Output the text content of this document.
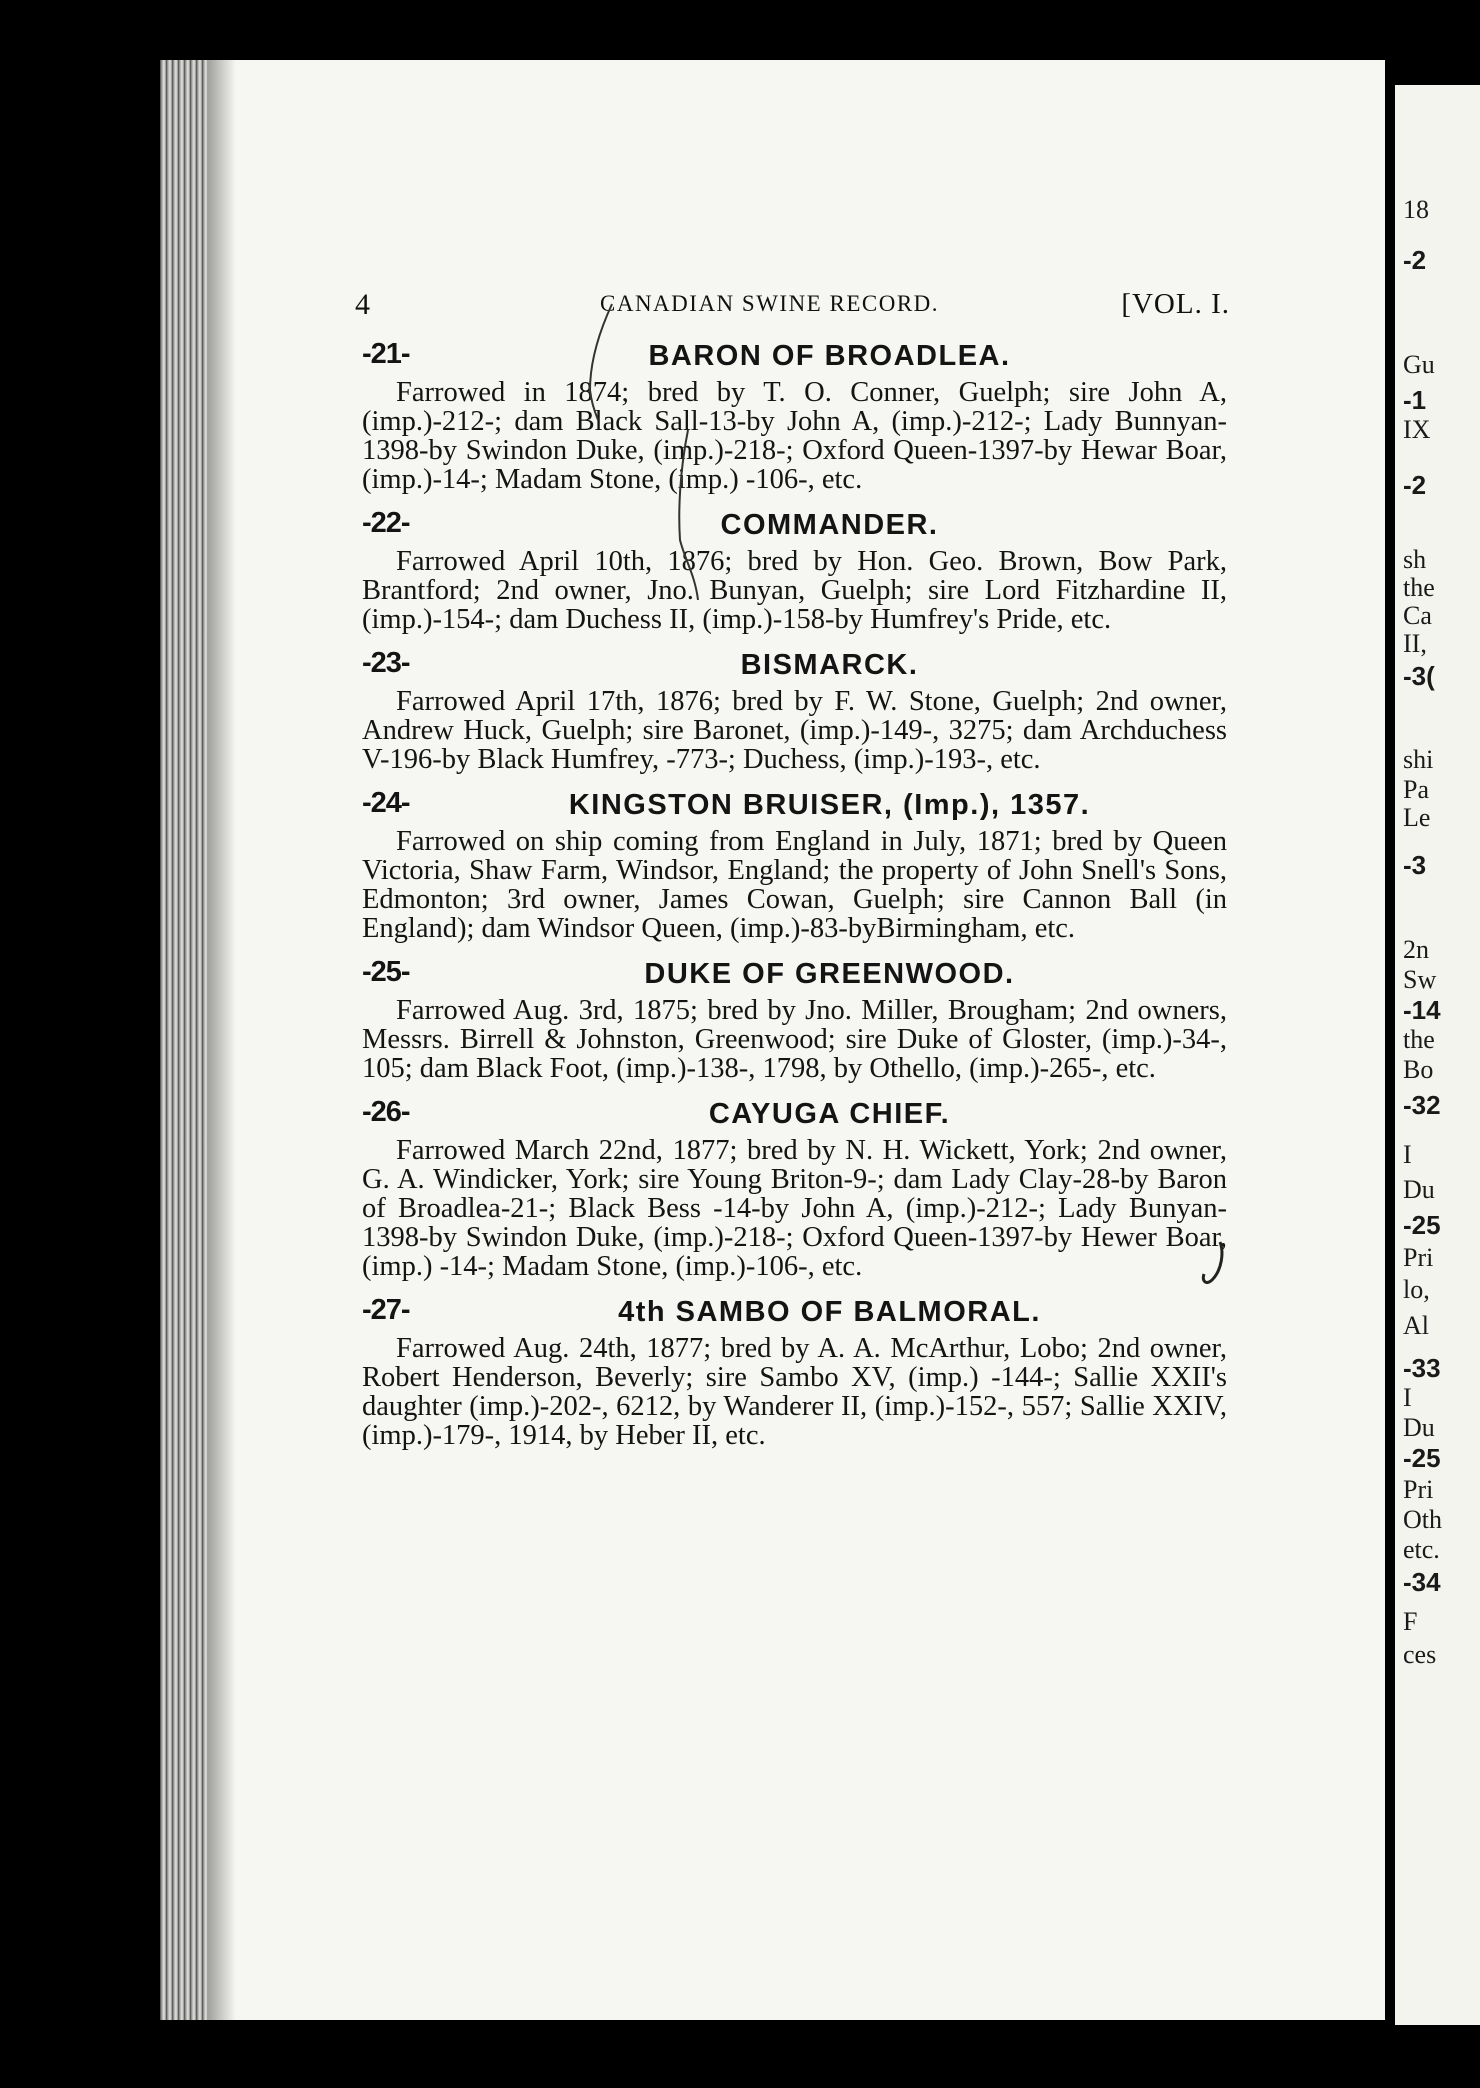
18
-2
Gu
-1
IX
-2
sh
the
Ca
II,
-3(
shi
Pa
Le
-3
2n
Sw
-14
the
Bo
-32
I
Du
-25
Pri
lo,
Al
-33
I
Du
-25
Pri
Oth
etc.
-34
F
ces
4	CANADIAN SWINE RECORD.	[VOL. I.
-21-	BARON OF BROADLEA.

Farrowed in 1874; bred by T. O. Conner, Guelph; sire John A, (imp.)-212-; dam Black Sall-13-by John A, (imp.)-212-; Lady Bunnyan-1398-by Swindon Duke, (imp.)-218-; Oxford Queen-1397-by Hewar Boar, (imp.)-14-; Madam Stone, (imp.) -106-, etc.

-22-	COMMANDER.

Farrowed April 10th, 1876; bred by Hon. Geo. Brown, Bow Park, Brantford; 2nd owner, Jno. Bunyan, Guelph; sire Lord Fitzhardine II, (imp.)-154-; dam Duchess II, (imp.)-158-by Humfrey's Pride, etc.

-23-	BISMARCK.

Farrowed April 17th, 1876; bred by F. W. Stone, Guelph; 2nd owner, Andrew Huck, Guelph; sire Baronet, (imp.)-149-, 3275; dam Archduchess V-196-by Black Humfrey, -773-; Duchess, (imp.)-193-, etc.

-24-	KINGSTON BRUISER, (Imp.), 1357.

Farrowed on ship coming from England in July, 1871; bred by Queen Victoria, Shaw Farm, Windsor, England; the property of John Snell's Sons, Edmonton; 3rd owner, James Cowan, Guelph; sire Cannon Ball (in England); dam Windsor Queen, (imp.)-83-byBirmingham, etc.

-25-	DUKE OF GREENWOOD.

Farrowed Aug. 3rd, 1875; bred by Jno. Miller, Brougham; 2nd owners, Messrs. Birrell & Johnston, Greenwood; sire Duke of Gloster, (imp.)-34-, 105; dam Black Foot, (imp.)-138-, 1798, by Othello, (imp.)-265-, etc.

-26-	CAYUGA CHIEF.

Farrowed March 22nd, 1877; bred by N. H. Wickett, York; 2nd owner, G. A. Windicker, York; sire Young Briton-9-; dam Lady Clay-28-by Baron of Broadlea-21-; Black Bess -14-by John A, (imp.)-212-; Lady Bunyan-1398-by Swindon Duke, (imp.)-218-; Oxford Queen-1397-by Hewer Boar, (imp.) -14-; Madam Stone, (imp.)-106-, etc.

-27-	4th SAMBO OF BALMORAL.

Farrowed Aug. 24th, 1877; bred by A. A. McArthur, Lobo; 2nd owner, Robert Henderson, Beverly; sire Sambo XV, (imp.) -144-; Sallie XXII's daughter (imp.)-202-, 6212, by Wanderer II, (imp.)-152-, 557; Sallie XXIV, (imp.)-179-, 1914, by Heber II, etc.
